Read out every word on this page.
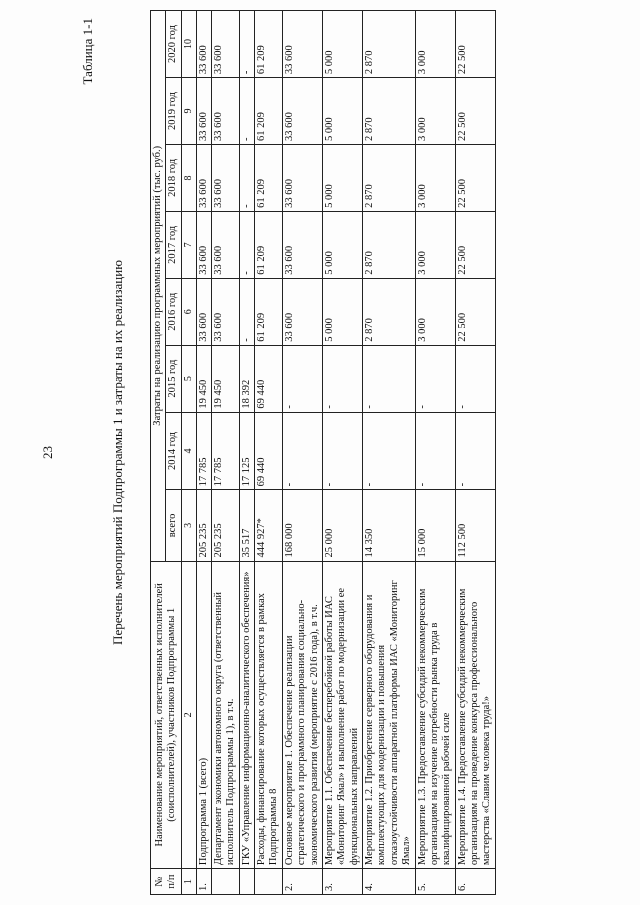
23
Таблица 1-1
Перечень мероприятий Подпрограммы 1 и затраты на их реализацию
№ п/п	Наименование мероприятий, ответственных исполнителей (соисполнителей), участников Подпрограммы 1	Затраты на реализацию программных мероприятий (тыс. руб.)							
		всего	2014 год	2015 год	2016 год	2017 год	2018 год	2019 год	2020 год
1	2	3	4	5	6	7	8	9	10
1.	Подпрограмма 1 (всего)	205 235	17 785	19 450	33 600	33 600	33 600	33 600	33 600
	Департамент экономики автономного округа (ответственный исполнитель Подпрограммы 1), в т.ч.	205 235	17 785	19 450	33 600	33 600	33 600	33 600	33 600
	ГКУ «Управление информационно-аналитического обеспечения»	35 517	17 125	18 392	-	-	-	-	-
	Расходы, финансирование которых осуществляется в рамках Подпрограммы 8	444 927*	69 440	69 440	61 209	61 209	61 209	61 209	61 209
2.	Основное мероприятие 1. Обеспечение реализации стратегического и программного планирования социально-экономического развития (мероприятие с 2016 года), в т.ч.	168 000	-	-	33 600	33 600	33 600	33 600	33 600
3.	Мероприятие 1.1. Обеспечение бесперебойной работы ИАС «Мониторинг Ямал» и выполнение работ по модернизации ее функциональных направлений	25 000	-	-	5 000	5 000	5 000	5 000	5 000
4.	Мероприятие 1.2. Приобретение серверного оборудования и комплектующих для модернизации и повышения отказоустойчивости аппаратной платформы ИАС «Мониторинг Ямал»	14 350	-	-	2 870	2 870	2 870	2 870	2 870
5.	Мероприятие 1.3. Предоставление субсидий некоммерческим организациям на изучение потребности рынка труда в квалифицированной рабочей силе	15 000	-	-	3 000	3 000	3 000	3 000	3 000
6.	Мероприятие 1.4. Предоставление субсидий некоммерческим организациям на проведение конкурса профессионального мастерства «Славим человека труда!»	112 500	-	-	22 500	22 500	22 500	22 500	22 500
